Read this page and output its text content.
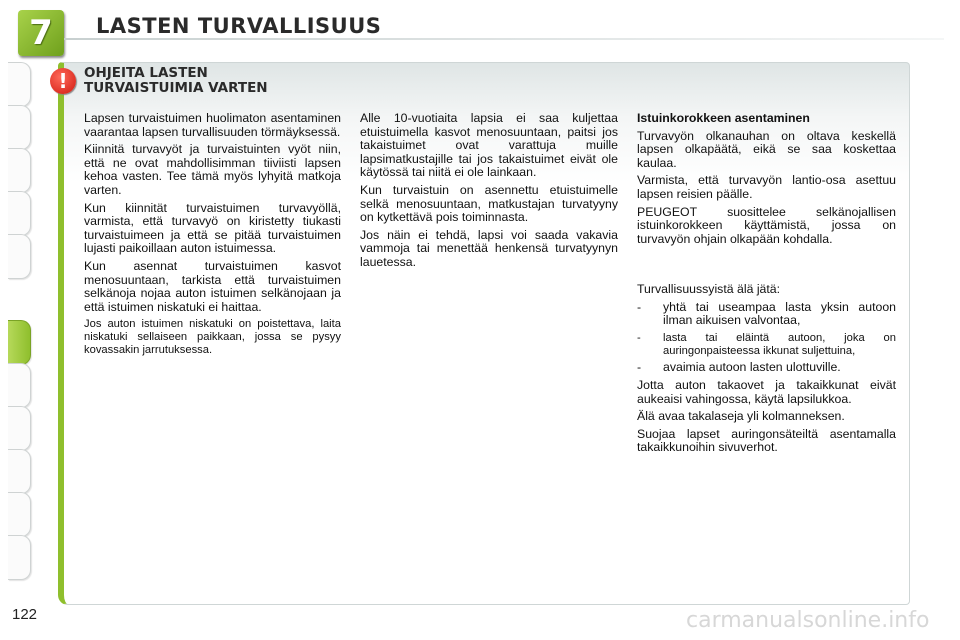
7 LASTEN TURVALLISUUS
! OHJEITA LASTEN
TURVAISTUIMIA VARTEN

Lapsen turvaistuimen huolimaton asentaminen vaarantaa lapsen turvallisuuden törmäyksessä.

Kiinnitä turvavyöt ja turvaistuinten vyöt niin, että ne ovat mahdollisimman tiiviisti lapsen kehoa vasten. Tee tämä myös lyhyitä matkoja varten.

Kun kiinnität turvaistuimen turvavyöllä, varmista, että turvavyö on kiristetty tiukasti turvaistuimeen ja että se pitää turvaistuimen lujasti paikoillaan auton istuimessa.

Kun asennat turvaistuimen kasvot menosuuntaan, tarkista että turvaistuimen selkänoja nojaa auton istuimen selkänojaan ja että istuimen niskatuki ei haittaa.

Jos auton istuimen niskatuki on poistettava, laita niskatuki sellaiseen paikkaan, jossa se pysyy kovassakin jarrutuksessa.

Alle 10-vuotiaita lapsia ei saa kuljettaa etuistuimella kasvot menosuuntaan, paitsi jos takaistuimet ovat varattuja muille lapsimatkustajille tai jos takaistuimet eivät ole käytössä tai niitä ei ole lainkaan.

Kun turvaistuin on asennettu etuistuimelle selkä menosuuntaan, matkustajan turvatyyny on kytkettävä pois toiminnasta.

Jos näin ei tehdä, lapsi voi saada vakavia vammoja tai menettää henkensä turvatyynyn lauetessa.

Istuinkorokkeen asentaminen

Turvavyön olkanauhan on oltava keskellä lapsen olkapäätä, eikä se saa koskettaa kaulaa.

Varmista, että turvavyön lantio-osa asettuu lapsen reisien päälle.

PEUGEOT suosittelee selkänojallisen istuinkorokkeen käyttämistä, jossa on turvavyön ohjain olkapään kohdalla.

Turvallisuussyistä älä jätä:

-	yhtä tai useampaa lasta yksin autoon ilman aikuisen valvontaa,
-	lasta tai eläintä autoon, joka on auringonpaisteessa ikkunat suljettuina,
-	avaimia autoon lasten ulottuville.

Jotta auton takaovet ja takaikkunat eivät aukeaisi vahingossa, käytä lapsilukkoa.

Älä avaa takalaseja yli kolmanneksen.

Suojaa lapset auringonsäteiltä asentamalla takaikkunoihin sivuverhot.

122	carmanualsonline.info
